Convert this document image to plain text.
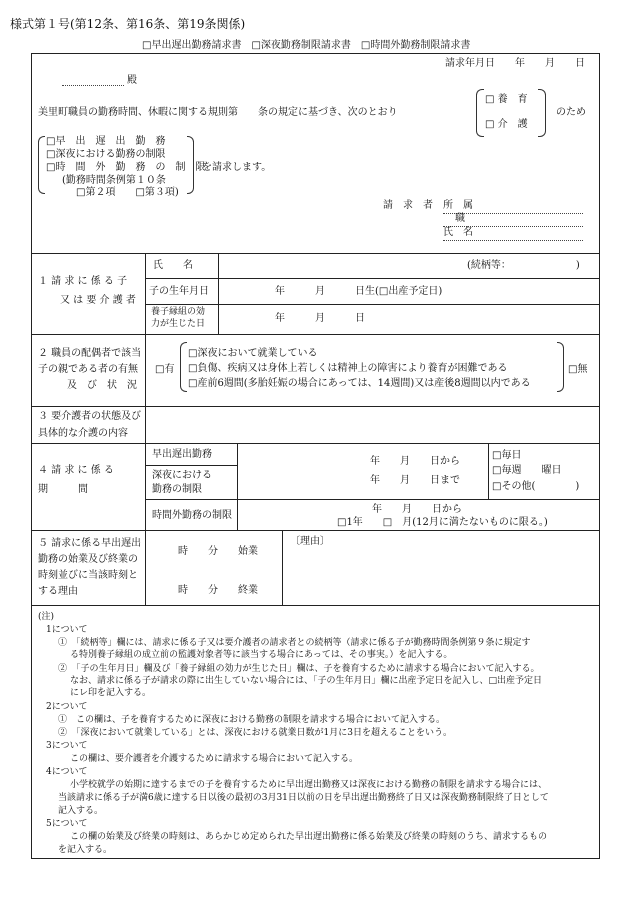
様式第１号(第12条、第16条、第19条関係)
□早出遅出勤務請求書　□深夜勤務制限請求書　□時間外勤務制限請求書
請求年月日　　年　　月　　日
殿
美里町職員の勤務時間、休暇に関する規則第　　条の規定に基づき、次のとおり
□ 養　育
□ 介　護
のため
□早　出　遅　出　勤　務
□深夜における勤務の制限
□時　間　外　勤　務　の　制　限
(勤務時間条例第１０条
□第２項　　□第３項)
を請求します。
請　求　者 所　属
職
氏　名
１ 請 求 に 係 る 子
又 は 要 介 護 者
氏　　名	(続柄等：　　　　　　　)
子の生年月日	年　　　月　　　日生(□出産予定日)
養子縁組の効
力が生じた日	年　　　月　　　日
２ 職員の配偶者で該当
子の親である者の有無
及　び　状　況
□有
□深夜において就業している
□負傷、疾病又は身体上若しくは精神上の障害により養育が困難である
□産前6週間(多胎妊娠の場合にあっては、14週間)又は産後8週間以内である
□無
３ 要介護者の状態及び
具体的な介護の内容
４ 請 求 に 係 る
期　　　間
早出遅出勤務
深夜における
勤務の制限
年　　月　　日から
年　　月　　日まで
□毎日
□毎週　　曜日
□その他(　　　　)
時間外勤務の制限
年　　月　　日から
□1年　　□　月(12月に満たないものに限る。)
５ 請求に係る早出遅出
勤務の始業及び終業の
時刻並びに当該時刻と
する理由
時　　分　　始業
時　　分　　終業
〔理由〕
(注)
1について
①　「続柄等」欄には、請求に係る子又は要介護者の請求者との続柄等（請求に係る子が勤務時間条例第９条に規定す
る特別養子縁組の成立前の監護対象者等に該当する場合にあっては、その事実。）を記入する。
②　「子の生年月日」欄及び「養子縁組の効力が生じた日」欄は、子を養育するために請求する場合において記入する。
なお、請求に係る子が請求の際に出生していない場合には、「子の生年月日」欄に出産予定日を記入し、□出産予定日
にレ印を記入する。
2について
①　この欄は、子を養育するために深夜における勤務の制限を請求する場合において記入する。
②　「深夜において就業している」とは、深夜における就業日数が1月に3日を超えることをいう。
3について
この欄は、要介護者を介護するために請求する場合において記入する。
4について
小学校就学の始期に達するまでの子を養育するために早出遅出勤務又は深夜における勤務の制限を請求する場合には、
当該請求に係る子が満6歳に達する日以後の最初の3月31日以前の日を早出遅出勤務終了日又は深夜勤務制限終了日として
記入する。
5について
この欄の始業及び終業の時刻は、あらかじめ定められた早出遅出勤務に係る始業及び終業の時刻のうち、請求するもの
を記入する。
